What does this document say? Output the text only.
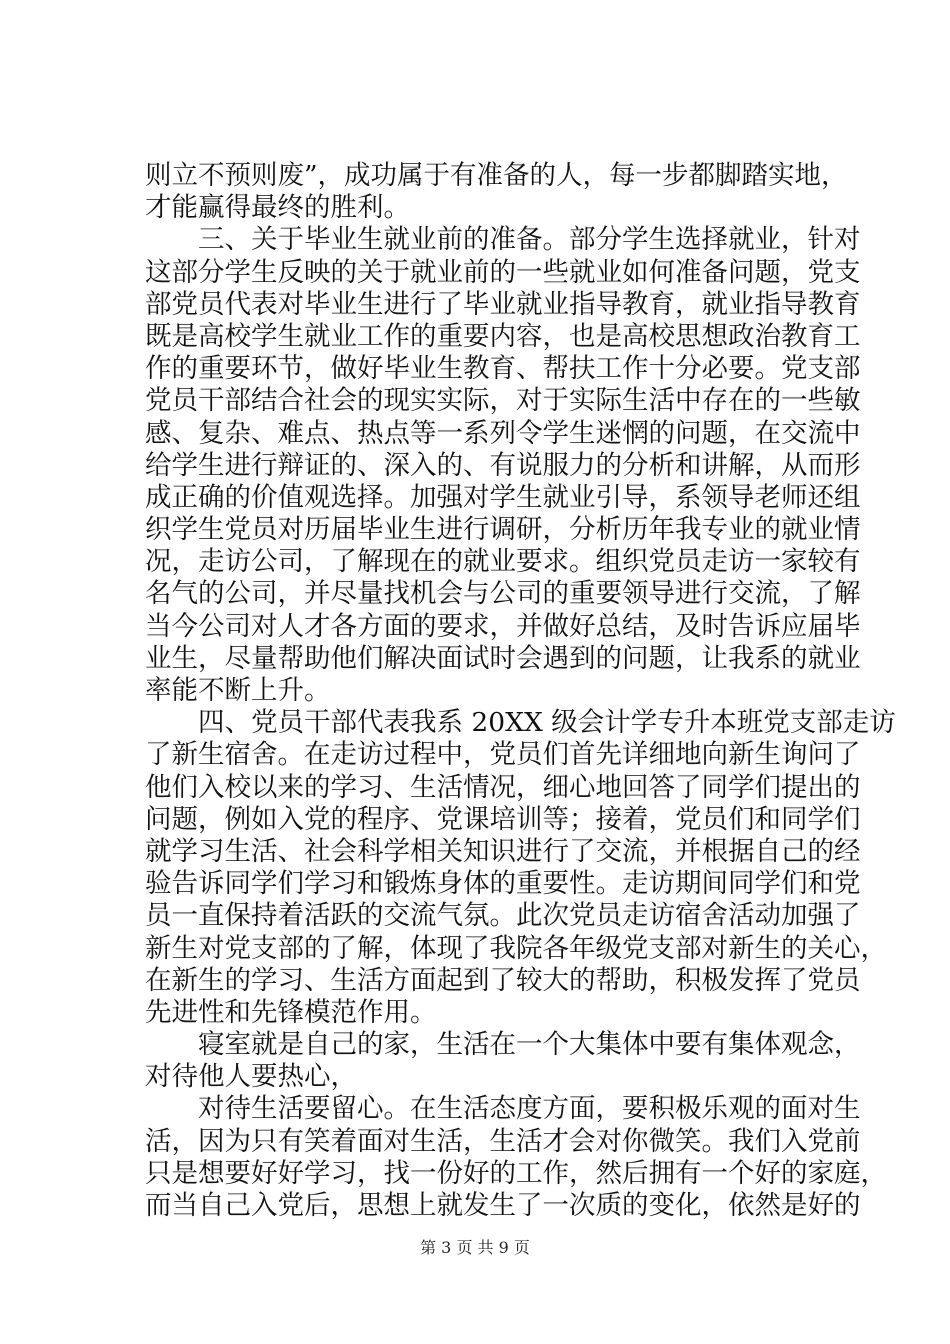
则立不预则废”，成功属于有准备的人，每一步都脚踏实地，
才能赢得最终的胜利。
三、关于毕业生就业前的准备。部分学生选择就业，针对
这部分学生反映的关于就业前的一些就业如何准备问题，党支
部党员代表对毕业生进行了毕业就业指导教育，就业指导教育
既是高校学生就业工作的重要内容，也是高校思想政治教育工
作的重要环节，做好毕业生教育、帮扶工作十分必要。党支部
党员干部结合社会的现实实际，对于实际生活中存在的一些敏
感、复杂、难点、热点等一系列令学生迷惘的问题，在交流中
给学生进行辩证的、深入的、有说服力的分析和讲解，从而形
成正确的价值观选择。加强对学生就业引导，系领导老师还组
织学生党员对历届毕业生进行调研，分析历年我专业的就业情
况，走访公司，了解现在的就业要求。组织党员走访一家较有
名气的公司，并尽量找机会与公司的重要领导进行交流，了解
当今公司对人才各方面的要求，并做好总结，及时告诉应届毕
业生，尽量帮助他们解决面试时会遇到的问题，让我系的就业
率能不断上升。
四、党员干部代表我系 20XX 级会计学专升本班党支部走访
了新生宿舍。在走访过程中，党员们首先详细地向新生询问了
他们入校以来的学习、生活情况，细心地回答了同学们提出的
问题，例如入党的程序、党课培训等；接着，党员们和同学们
就学习生活、社会科学相关知识进行了交流，并根据自己的经
验告诉同学们学习和锻炼身体的重要性。走访期间同学们和党
员一直保持着活跃的交流气氛。此次党员走访宿舍活动加强了
新生对党支部的了解，体现了我院各年级党支部对新生的关心，
在新生的学习、生活方面起到了较大的帮助，积极发挥了党员
先进性和先锋模范作用。
寝室就是自己的家，生活在一个大集体中要有集体观念，
对待他人要热心，
对待生活要留心。在生活态度方面，要积极乐观的面对生
活，因为只有笑着面对生活，生活才会对你微笑。我们入党前
只是想要好好学习，找一份好的工作，然后拥有一个好的家庭，
而当自己入党后，思想上就发生了一次质的变化，依然是好的
第 3 页 共 9 页
